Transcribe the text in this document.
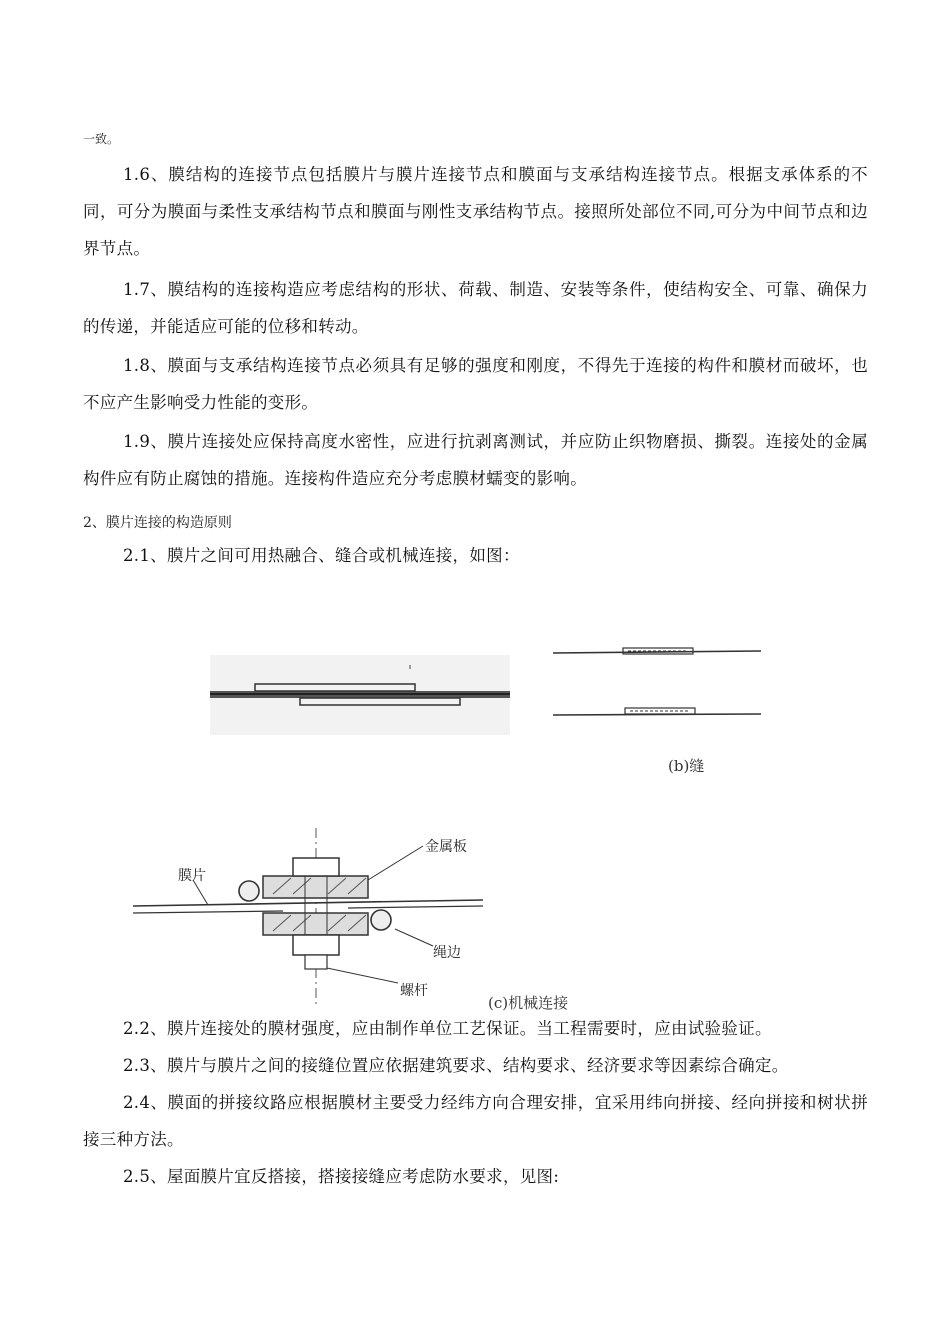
一致。

1.6、膜结构的连接节点包括膜片与膜片连接节点和膜面与支承结构连接节点。根据支承体系的不同，可分为膜面与柔性支承结构节点和膜面与刚性支承结构节点。接照所处部位不同,可分为中间节点和边界节点。

1.7、膜结构的连接构造应考虑结构的形状、荷载、制造、安装等条件，使结构安全、可靠、确保力的传递，并能适应可能的位移和转动。

1.8、膜面与支承结构连接节点必须具有足够的强度和刚度，不得先于连接的构件和膜材而破坏，也不应产生影响受力性能的变形。

1.9、膜片连接处应保持高度水密性，应进行抗剥离测试，并应防止织物磨损、撕裂。连接处的金属构件应有防止腐蚀的措施。连接构件造应充分考虑膜材蠕变的影响。

2、膜片连接的构造原则

2.1、膜片之间可用热融合、缝合或机械连接，如图：

(b)缝
膜片
金属板
绳边
螺杆
(c)机械连接

2.2、膜片连接处的膜材强度，应由制作单位工艺保证。当工程需要时，应由试验验证。

2.3、膜片与膜片之间的接缝位置应依据建筑要求、结构要求、经济要求等因素综合确定。

2.4、膜面的拼接纹路应根据膜材主要受力经纬方向合理安排，宜采用纬向拼接、经向拼接和树状拼接三种方法。

2.5、屋面膜片宜反搭接，搭接接缝应考虑防水要求，见图:
